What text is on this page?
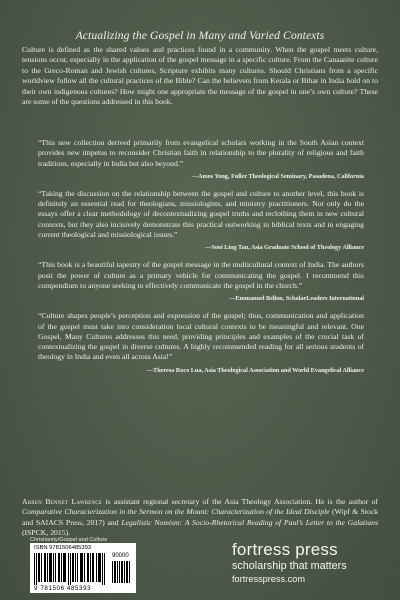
Actualizing the Gospel in Many and Varied Contexts
Culture is defined as the shared values and practices found in a community. When the gospel meets culture, tensions occur, especially in the application of the gospel message in a specific culture. From the Canaanite culture to the Greco-Roman and Jewish cultures, Scripture exhibits many cultures. Should Christians from a specific worldview follow all the cultural practices of the Bible? Can the believers from Kerala or Bihar in India hold on to their own indigenous cultures? How might one appropriate the message of the gospel in one’s own culture? These are some of the questions addressed in this book.

“This new collection derived primarily from evangelical scholars working in the South Asian context provides new impetus to reconsider Christian faith in relationship to the plurality of religious and faith traditions, especially in India but also beyond.”

—Amos Yong, Fuller Theological Seminary, Pasadena, California

“Taking the discussion on the relationship between the gospel and culture to another level, this book is definitely an essential read for theologians, missiologists, and ministry practitioners. Not only do the essays offer a clear methodology of decontextualizing gospel truths and reclothing them in new cultural contexts, but they also incisively demonstrate this practical outworking in biblical texts and in engaging current theological and missiological issues.”

—Sooi Ling Tan, Asia Graduate School of Theology Alliance

“This book is a beautiful tapestry of the gospel message in the multicultural context of India. The authors posit the power of culture as a primary vehicle for communicating the gospel. I recommend this compendium to anyone seeking to effectively communicate the gospel in the church.”

—Emmanuel Bellon, ScholarLeaders International

“Culture shapes people’s perception and expression of the gospel; thus, communication and application of the gospel must take into consideration local cultural contexts to be meaningful and relevant. One Gospel, Many Cultures addresses this need, providing principles and examples of the crucial task of contextualizing the gospel in diverse cultures. A highly recommended reading for all serious students of theology in India and even all across Asia!”

—Theresa Roco Lua, Asia Theological Association and World Evangelical Alliance

Arren Bennet Lawrence is assistant regional secretary of the Asia Theology Association. He is the author of Comparative Characterization in the Sermon on the Mount: Characterization of the Ideal Disciple (Wipf & Stock and SAIACS Press, 2017) and Legalistic Nomism: A Socio-Rhetorical Reading of Paul’s Letter to the Galatians (ISPCK, 2015).
Christianity/Gospel and Culture
ISBN 9781506485393
90000
9 781506 485393
fortress press
scholarship that matters
fortresspress.com
